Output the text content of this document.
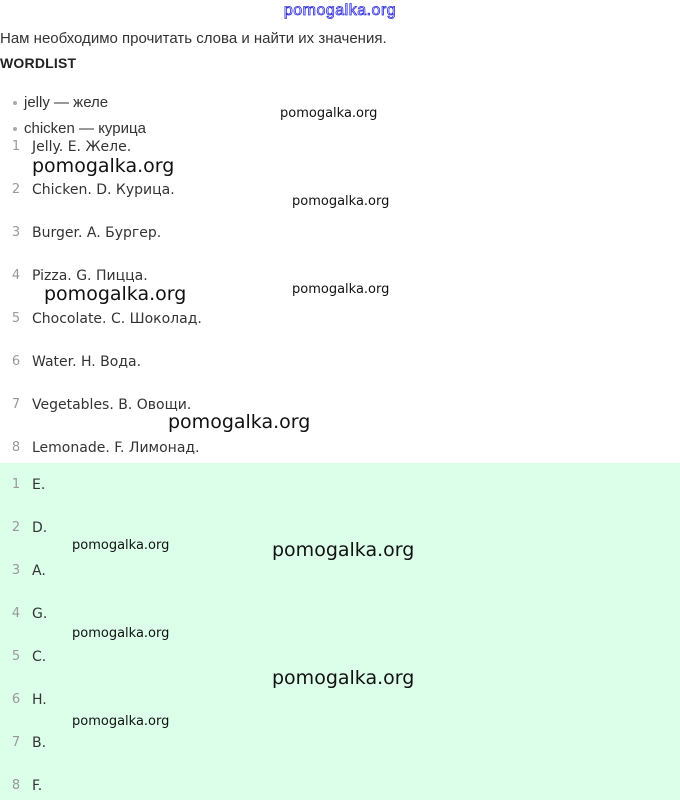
pomogalka.org
Нам необходимо прочитать слова и найти их значения.
WORDLIST
jelly — желе
chicken — курица
1 Jelly. E. Желе.
2 Chicken. D. Курица.
3 Burger. A. Бургер.
4 Pizza. G. Пицца.
5 Chocolate. C. Шоколад.
6 Water. H. Вода.
7 Vegetables. B. Овощи.
8 Lemonade. F. Лимонад.
1 E.
2 D.
3 A.
4 G.
5 C.
6 H.
7 B.
8 F.
pomogalka.org
pomogalka.org
pomogalka.org
pomogalka.org	pomogalka.org
pomogalka.org
pomogalka.org	pomogalka.org
pomogalka.org
pomogalka.org
pomogalka.org
